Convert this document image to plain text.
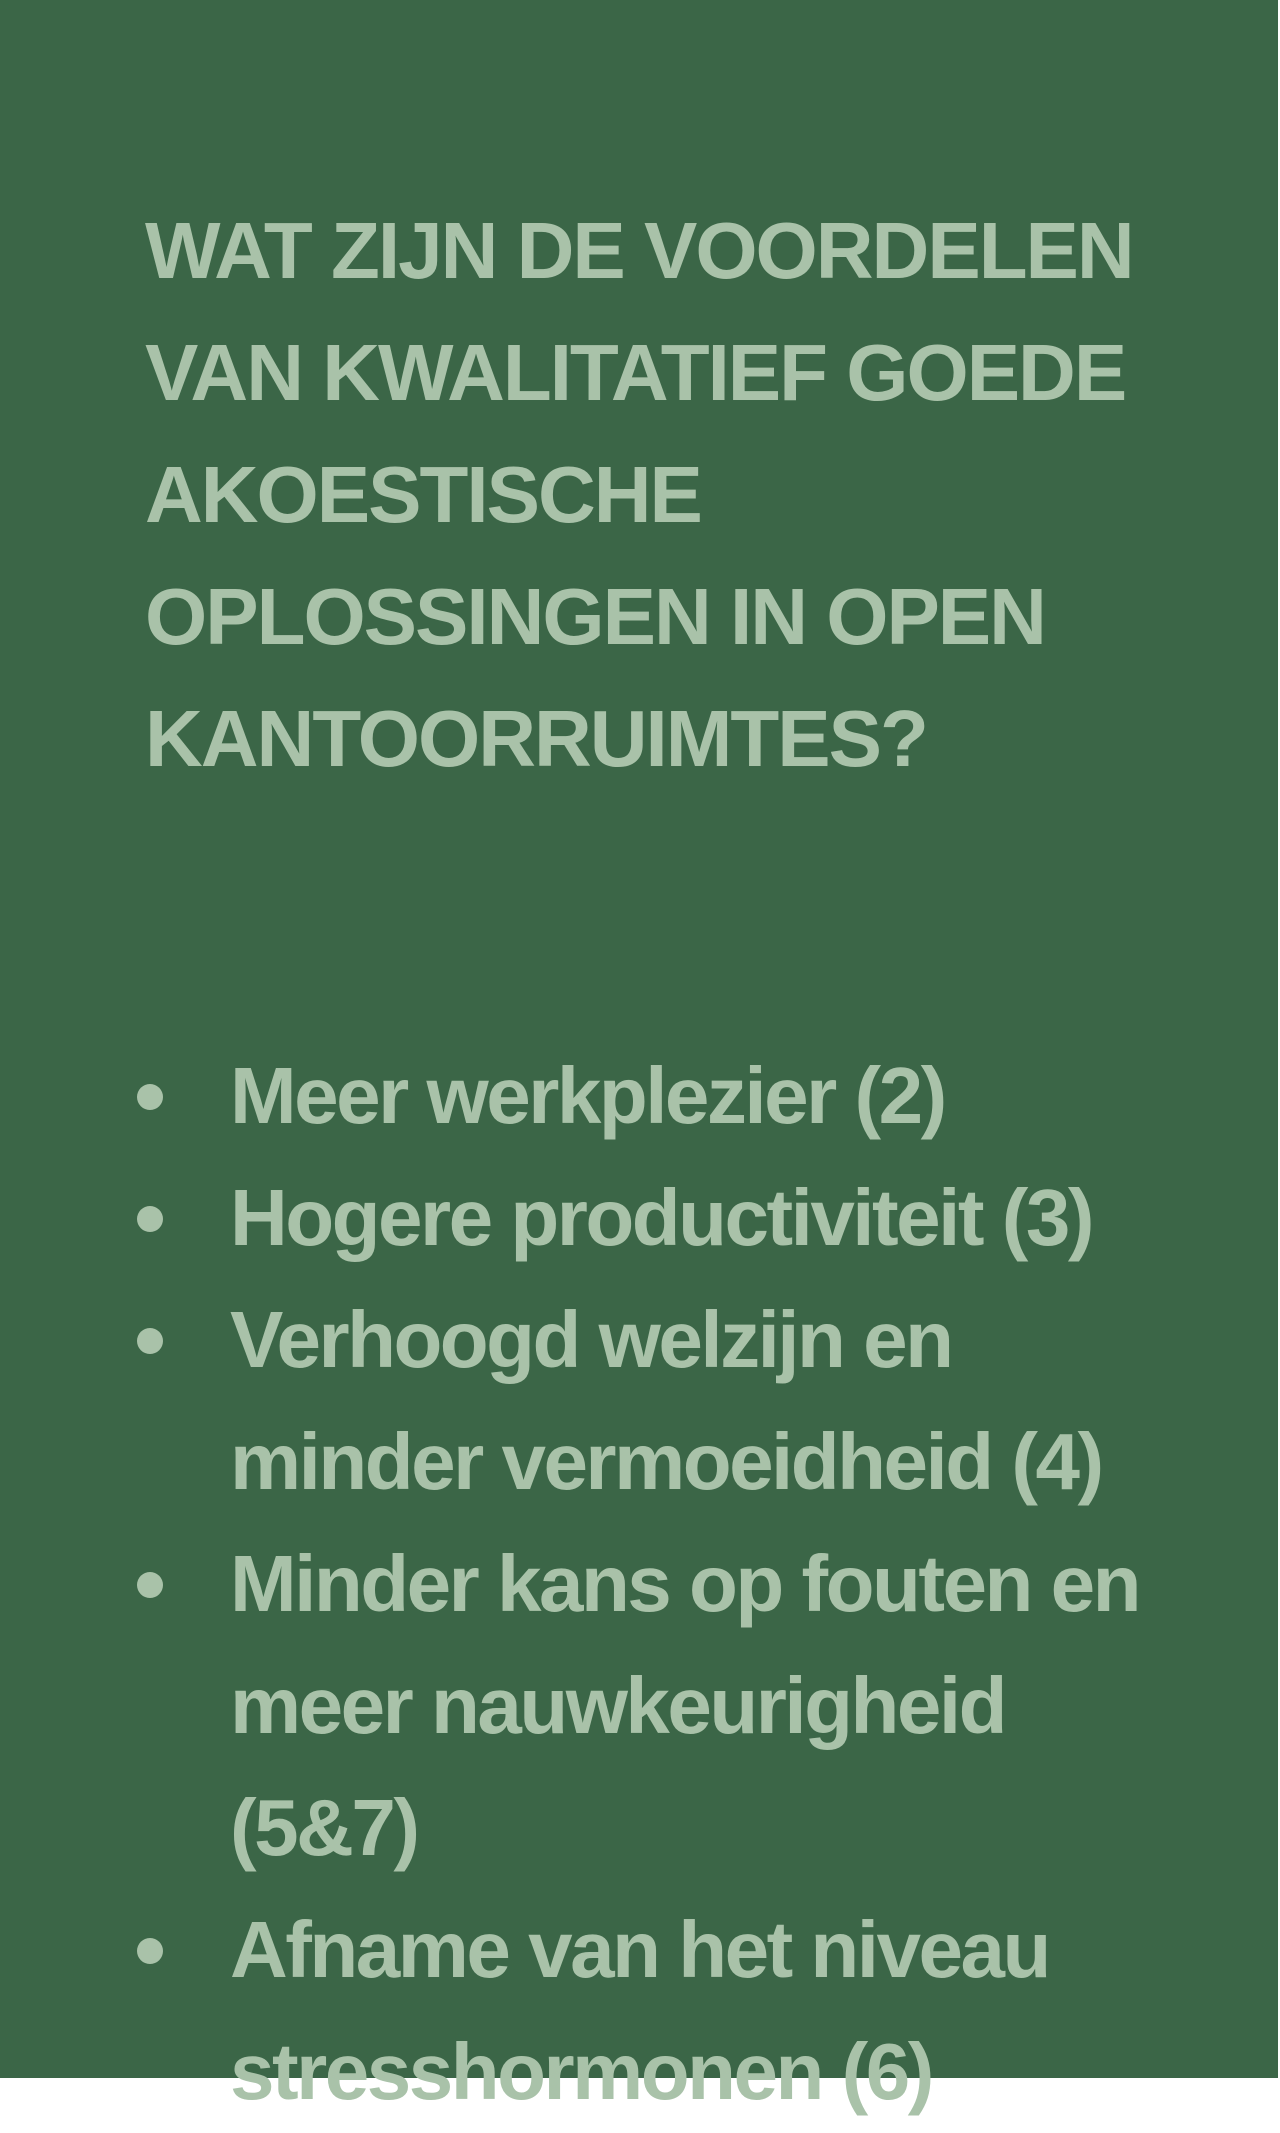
WAT ZIJN DE VOORDELEN VAN KWALITATIEF GOEDE AKOESTISCHE OPLOSSINGEN IN OPEN KANTOORRUIMTES?
Meer werkplezier (2)
Hogere productiviteit (3)
Verhoogd welzijn en minder vermoeidheid (4)
Minder kans op fouten en meer nauwkeurigheid (5&7)
Afname van het niveau stresshormonen (6)
